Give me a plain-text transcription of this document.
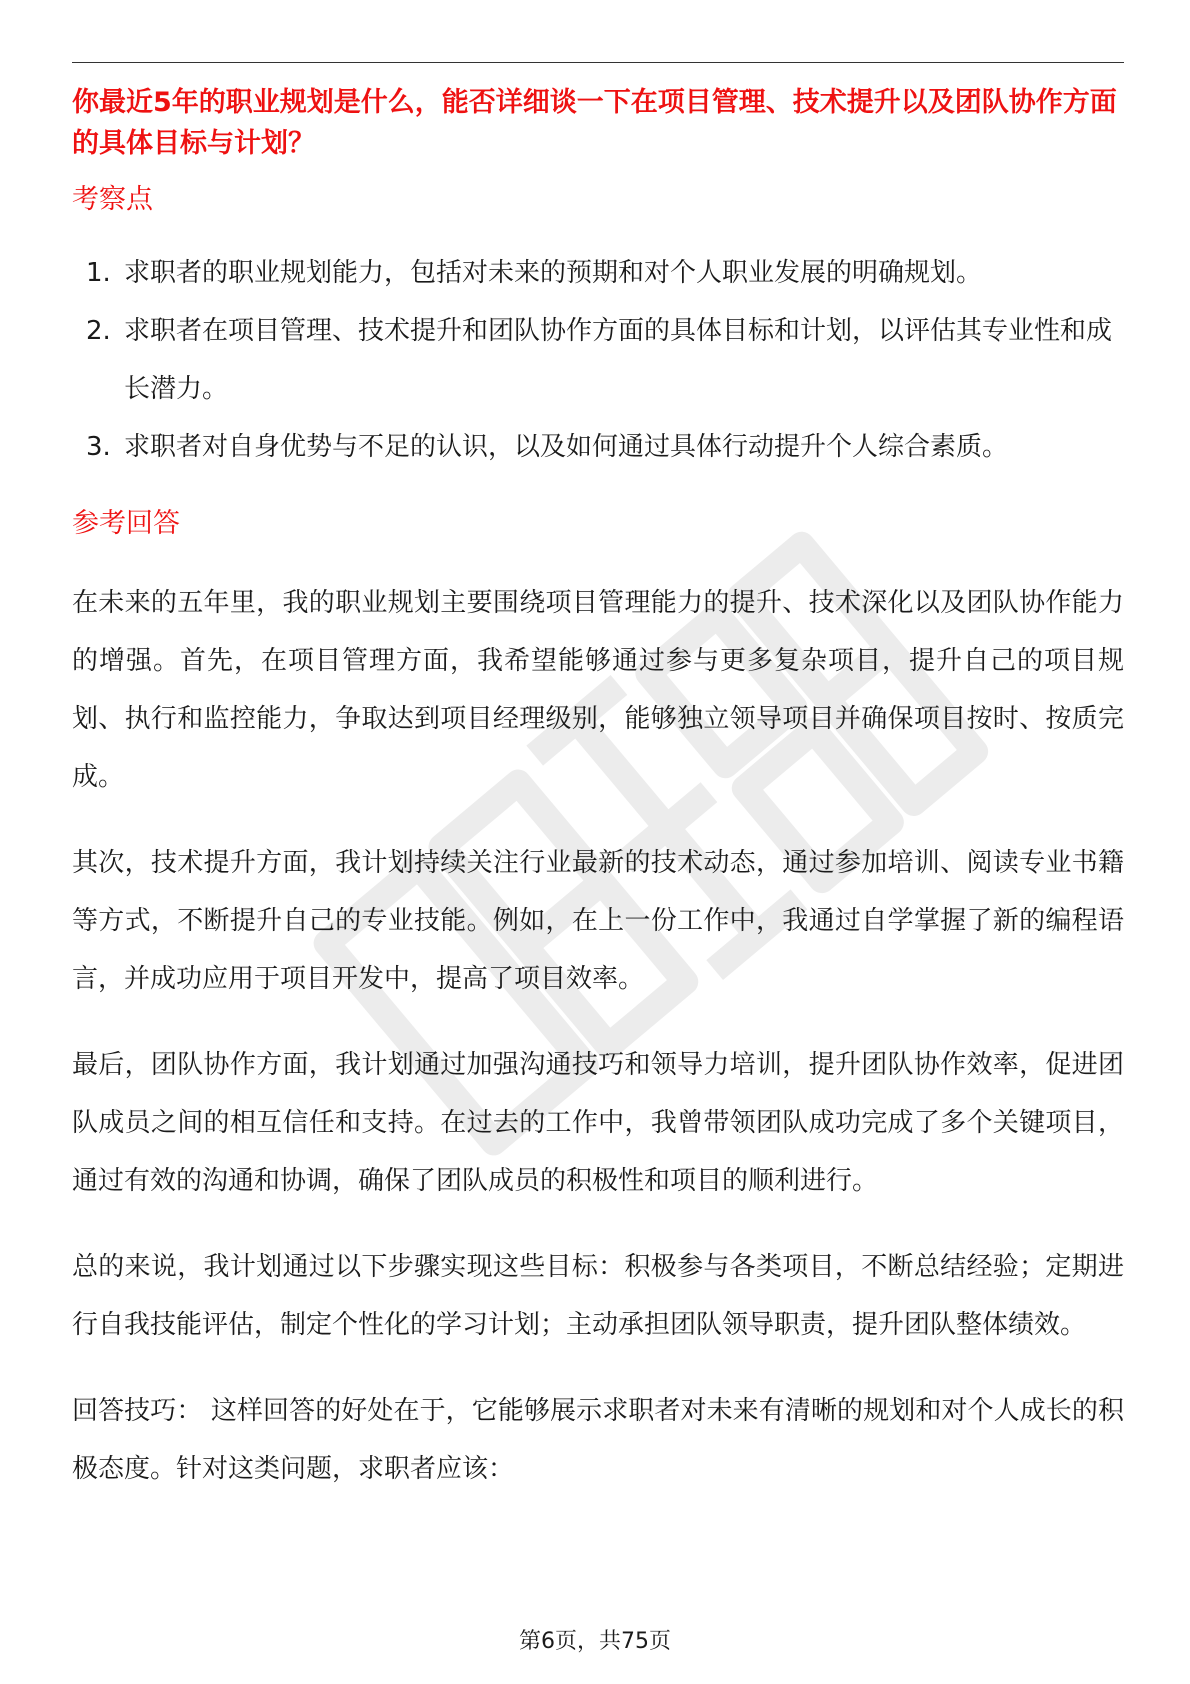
你最近5年的职业规划是什么，能否详细谈一下在项目管理、技术提升以及团队协作方面的具体目标与计划？

考察点

1. 求职者的职业规划能力，包括对未来的预期和对个人职业发展的明确规划。
2. 求职者在项目管理、技术提升和团队协作方面的具体目标和计划，以评估其专业性和成长潜力。
3. 求职者对自身优势与不足的认识，以及如何通过具体行动提升个人综合素质。

参考回答

在未来的五年里，我的职业规划主要围绕项目管理能力的提升、技术深化以及团队协作能力的增强。首先，在项目管理方面，我希望能够通过参与更多复杂项目，提升自己的项目规划、执行和监控能力，争取达到项目经理级别，能够独立领导项目并确保项目按时、按质完成。

其次，技术提升方面，我计划持续关注行业最新的技术动态，通过参加培训、阅读专业书籍等方式，不断提升自己的专业技能。例如，在上一份工作中，我通过自学掌握了新的编程语言，并成功应用于项目开发中，提高了项目效率。

最后，团队协作方面，我计划通过加强沟通技巧和领导力培训，提升团队协作效率，促进团队成员之间的相互信任和支持。在过去的工作中，我曾带领团队成功完成了多个关键项目，通过有效的沟通和协调，确保了团队成员的积极性和项目的顺利进行。

总的来说，我计划通过以下步骤实现这些目标：积极参与各类项目，不断总结经验；定期进行自我技能评估，制定个性化的学习计划；主动承担团队领导职责，提升团队整体绩效。

回答技巧： 这样回答的好处在于，它能够展示求职者对未来有清晰的规划和对个人成长的积极态度。针对这类问题，求职者应该：

第6页，共75页
